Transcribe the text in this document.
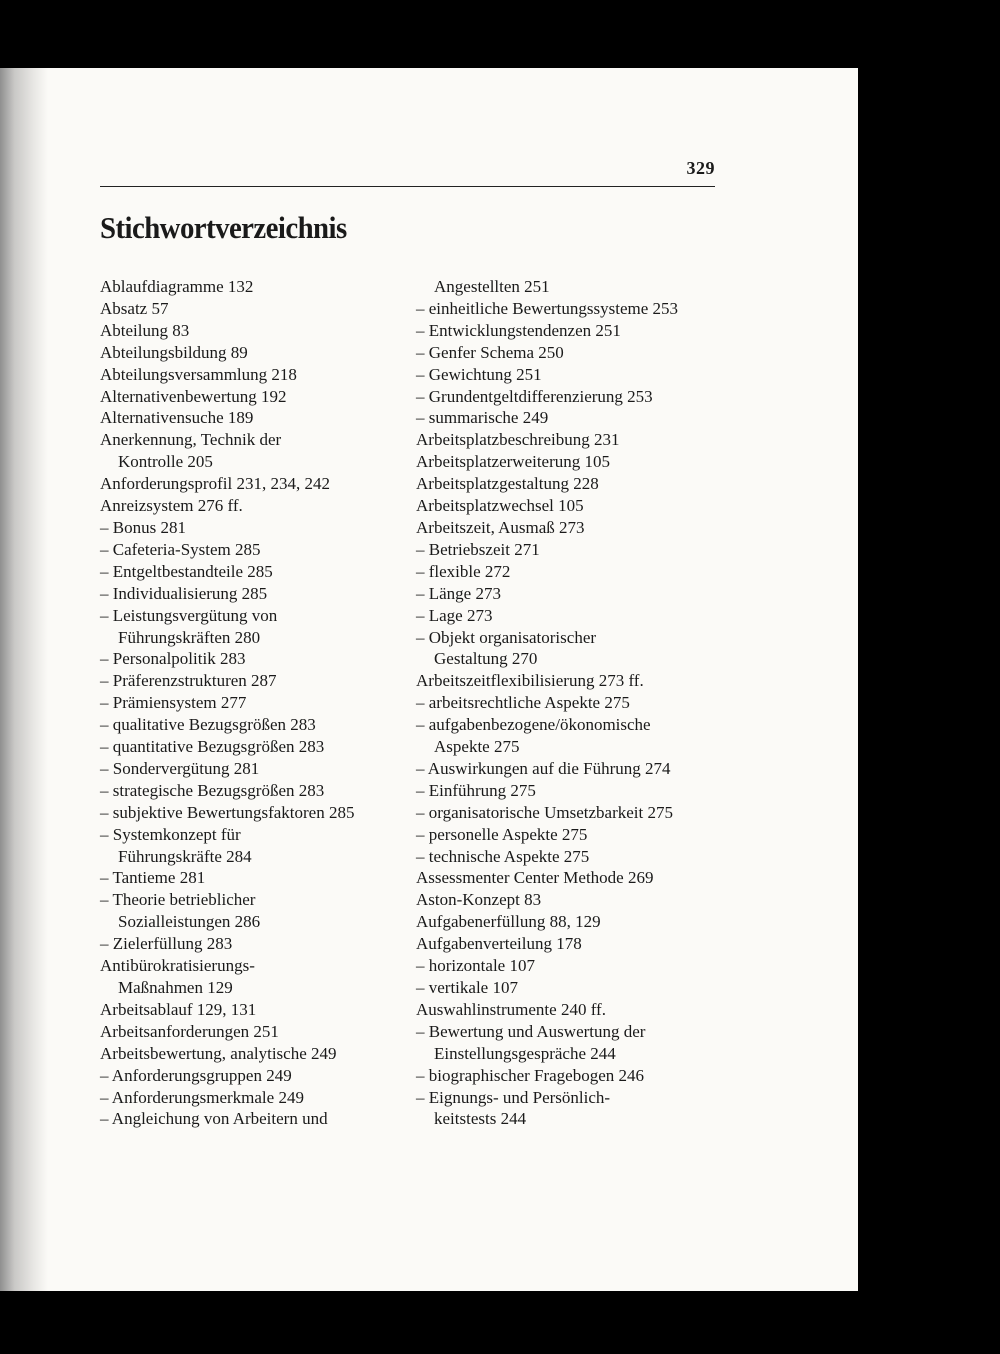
329
Stichwortverzeichnis
Ablaufdiagramme 132
Absatz 57
Abteilung 83
Abteilungsbildung 89
Abteilungsversammlung 218
Alternativenbewertung 192
Alternativensuche 189
Anerkennung, Technik der
Kontrolle 205
Anforderungsprofil 231, 234, 242
Anreizsystem 276 ff.
– Bonus 281
– Cafeteria-System 285
– Entgeltbestandteile 285
– Individualisierung 285
– Leistungsvergütung von
Führungskräften 280
– Personalpolitik 283
– Präferenzstrukturen 287
– Prämiensystem 277
– qualitative Bezugsgrößen 283
– quantitative Bezugsgrößen 283
– Sondervergütung 281
– strategische Bezugsgrößen 283
– subjektive Bewertungsfaktoren 285
– Systemkonzept für
Führungskräfte 284
– Tantieme 281
– Theorie betrieblicher
Sozialleistungen 286
– Zielerfüllung 283
Antibürokratisierungs-
Maßnahmen 129
Arbeitsablauf 129, 131
Arbeitsanforderungen 251
Arbeitsbewertung, analytische 249
– Anforderungsgruppen 249
– Anforderungsmerkmale 249
– Angleichung von Arbeitern und
Angestellten 251
– einheitliche Bewertungssysteme 253
– Entwicklungstendenzen 251
– Genfer Schema 250
– Gewichtung 251
– Grundentgeltdifferenzierung 253
– summarische 249
Arbeitsplatzbeschreibung 231
Arbeitsplatzerweiterung 105
Arbeitsplatzgestaltung 228
Arbeitsplatzwechsel 105
Arbeitszeit, Ausmaß 273
– Betriebszeit 271
– flexible 272
– Länge 273
– Lage 273
– Objekt organisatorischer
Gestaltung 270
Arbeitszeitflexibilisierung 273 ff.
– arbeitsrechtliche Aspekte 275
– aufgabenbezogene/ökonomische
Aspekte 275
– Auswirkungen auf die Führung 274
– Einführung 275
– organisatorische Umsetzbarkeit 275
– personelle Aspekte 275
– technische Aspekte 275
Assessmenter Center Methode 269
Aston-Konzept 83
Aufgabenerfüllung 88, 129
Aufgabenverteilung 178
– horizontale 107
– vertikale 107
Auswahlinstrumente 240 ff.
– Bewertung und Auswertung der
Einstellungsgespräche 244
– biographischer Fragebogen 246
– Eignungs- und Persönlich-
keitstests 244
